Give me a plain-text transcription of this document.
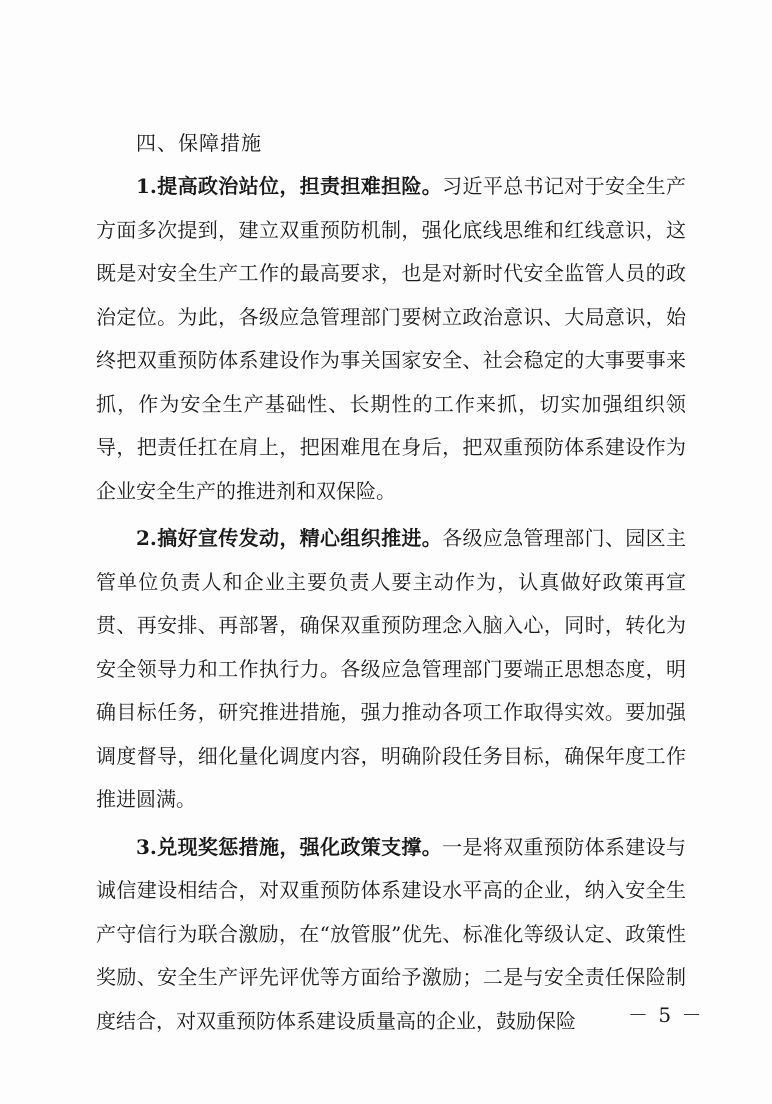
四、保障措施

1.提高政治站位，担责担难担险。习近平总书记对于安全生产方面多次提到，建立双重预防机制，强化底线思维和红线意识，这既是对安全生产工作的最高要求，也是对新时代安全监管人员的政治定位。为此，各级应急管理部门要树立政治意识、大局意识，始终把双重预防体系建设作为事关国家安全、社会稳定的大事要事来抓，作为安全生产基础性、长期性的工作来抓，切实加强组织领导，把责任扛在肩上，把困难甩在身后，把双重预防体系建设作为企业安全生产的推进剂和双保险。

2.搞好宣传发动，精心组织推进。各级应急管理部门、园区主管单位负责人和企业主要负责人要主动作为，认真做好政策再宣贯、再安排、再部署，确保双重预防理念入脑入心，同时，转化为安全领导力和工作执行力。各级应急管理部门要端正思想态度，明确目标任务，研究推进措施，强力推动各项工作取得实效。要加强调度督导，细化量化调度内容，明确阶段任务目标，确保年度工作推进圆满。

3.兑现奖惩措施，强化政策支撑。一是将双重预防体系建设与诚信建设相结合，对双重预防体系建设水平高的企业，纳入安全生产守信行为联合激励，在“放管服”优先、标准化等级认定、政策性奖励、安全生产评先评优等方面给予激励；二是与安全责任保险制度结合，对双重预防体系建设质量高的企业，鼓励保险	－ 5 －
